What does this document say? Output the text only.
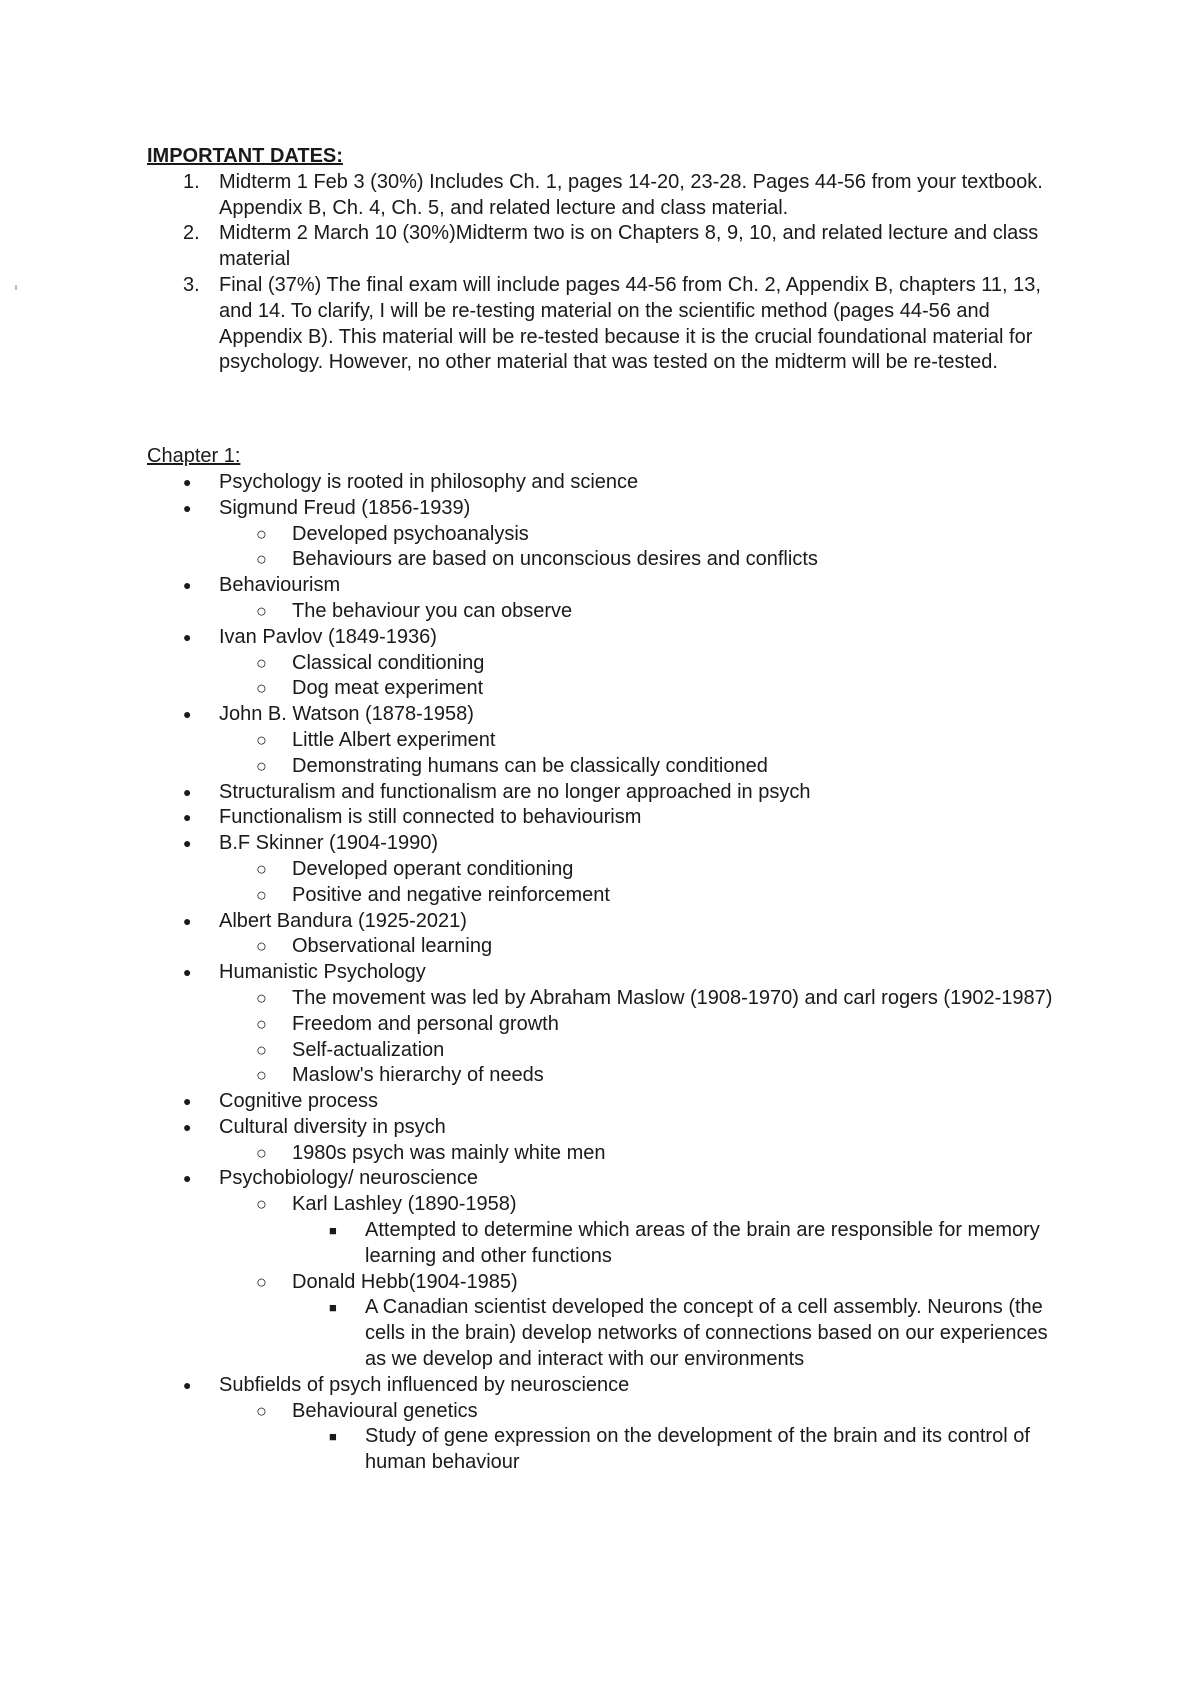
IMPORTANT DATES:
1. Midterm 1 Feb 3 (30%) Includes Ch. 1, pages 14-20, 23-28. Pages 44-56 from your textbook. Appendix B, Ch. 4, Ch. 5, and related lecture and class material.
2. Midterm 2 March 10 (30%)Midterm two is on Chapters 8, 9, 10, and related lecture and class material
3. Final (37%) The final exam will include pages 44-56 from Ch. 2, Appendix B, chapters 11, 13, and 14. To clarify, I will be re-testing material on the scientific method (pages 44-56 and Appendix B). This material will be re-tested because it is the crucial foundational material for psychology. However, no other material that was tested on the midterm will be re-tested.
Chapter 1:
● Psychology is rooted in philosophy and science
● Sigmund Freud (1856-1939)
○ Developed psychoanalysis
○ Behaviours are based on unconscious desires and conflicts
● Behaviourism
○ The behaviour you can observe
● Ivan Pavlov (1849-1936)
○ Classical conditioning
○ Dog meat experiment
● John B. Watson (1878-1958)
○ Little Albert experiment
○ Demonstrating humans can be classically conditioned
● Structuralism and functionalism are no longer approached in psych
● Functionalism is still connected to behaviourism
● B.F Skinner (1904-1990)
○ Developed operant conditioning
○ Positive and negative reinforcement
● Albert Bandura (1925-2021)
○ Observational learning
● Humanistic Psychology
○ The movement was led by Abraham Maslow (1908-1970) and carl rogers (1902-1987)
○ Freedom and personal growth
○ Self-actualization
○ Maslow's hierarchy of needs
● Cognitive process
● Cultural diversity in psych
○ 1980s psych was mainly white men
● Psychobiology/ neuroscience
○ Karl Lashley (1890-1958)
■ Attempted to determine which areas of the brain are responsible for memory learning and other functions
○ Donald Hebb(1904-1985)
■ A Canadian scientist developed the concept of a cell assembly. Neurons (the cells in the brain) develop networks of connections based on our experiences as we develop and interact with our environments
● Subfields of psych influenced by neuroscience
○ Behavioural genetics
■ Study of gene expression on the development of the brain and its control of human behaviour
